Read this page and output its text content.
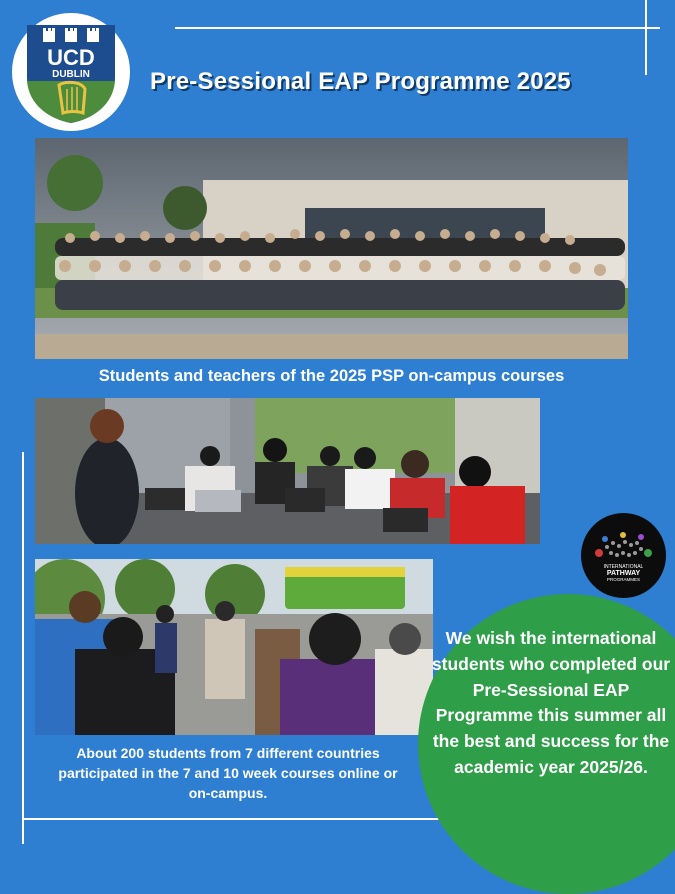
UCD
DUBLIN	Pre-Sessional EAP Programme 2025
Students and teachers of the 2025 PSP on-campus courses
About 200 students from 7 different countries participated in the 7 and 10 week courses online or on-campus.
INTERNATIONAL
PATHWAY
PROGRAMMES
We wish the international students who completed our Pre-Sessional EAP Programme this summer all the best and success for the academic year 2025/26.
